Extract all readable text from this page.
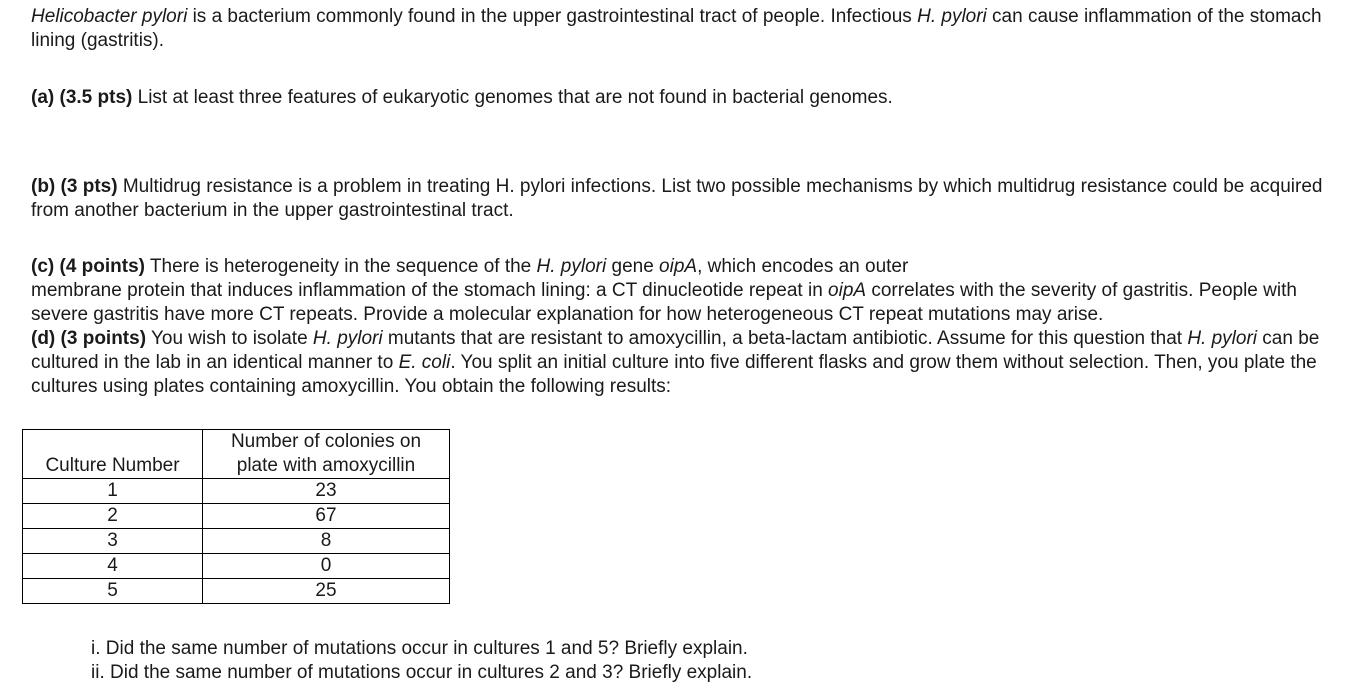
Helicobacter pylori is a bacterium commonly found in the upper gastrointestinal tract of people. Infectious H. pylori can cause inflammation of the stomach lining (gastritis).

(a) (3.5 pts) List at least three features of eukaryotic genomes that are not found in bacterial genomes.

(b) (3 pts) Multidrug resistance is a problem in treating H. pylori infections. List two possible mechanisms by which multidrug resistance could be acquired from another bacterium in the upper gastrointestinal tract.

(c) (4 points) There is heterogeneity in the sequence of the H. pylori gene oipA, which encodes an outer
membrane protein that induces inflammation of the stomach lining: a CT dinucleotide repeat in oipA correlates with the severity of gastritis. People with severe gastritis have more CT repeats. Provide a molecular explanation for how heterogeneous CT repeat mutations may arise.

(d) (3 points) You wish to isolate H. pylori mutants that are resistant to amoxycillin, a beta-lactam antibiotic. Assume for this question that H. pylori can be cultured in the lab in an identical manner to E. coli. You split an initial culture into five different flasks and grow them without selection. Then, you plate the cultures using plates containing amoxycillin. You obtain the following results:

Culture Number	Number of colonies on
plate with amoxycillin
1	23
2	67
3	8
4	0
5	25

i. Did the same number of mutations occur in cultures 1 and 5? Briefly explain.

ii. Did the same number of mutations occur in cultures 2 and 3? Briefly explain.
